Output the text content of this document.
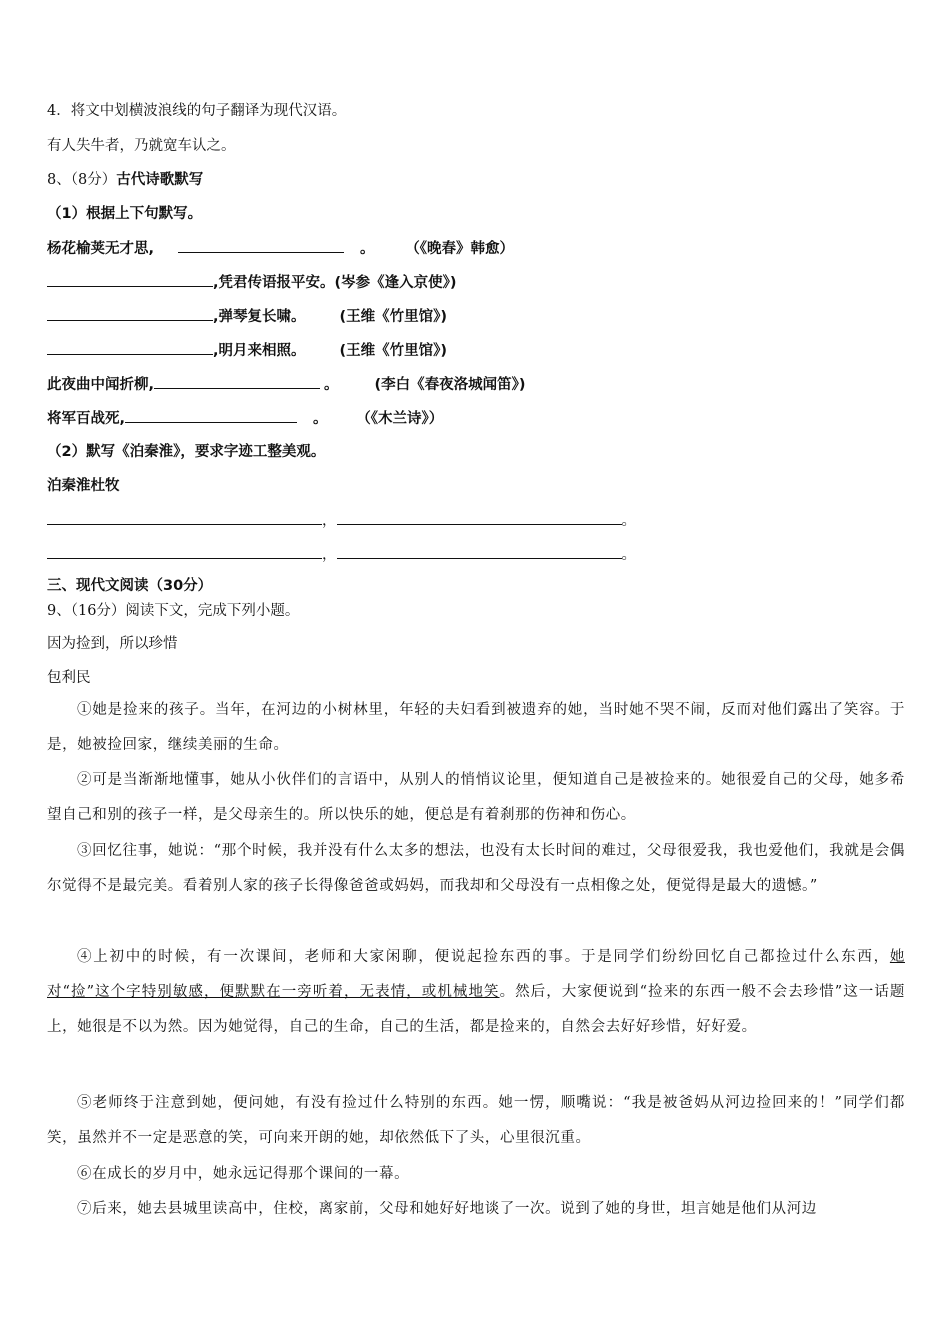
4．将文中划横波浪线的句子翻译为现代汉语。
有人失牛者，乃就宽车认之。
8、（8分）古代诗歌默写
（1）根据上下句默写。
杨花榆荚无才思,	。	（《晚春》韩愈）
,凭君传语报平安。(岑参《逢入京使》)
,弹琴复长啸。 (王维《竹里馆》)
,明月来相照。 (王维《竹里馆》)
此夜曲中闻折柳,	。 (李白《春夜洛城闻笛》)
将军百战死,	。 （《木兰诗》）
（2）默写《泊秦淮》，要求字迹工整美观。
泊秦淮杜牧
，	。
，	。
三、现代文阅读（30分）
9、（16分）阅读下文，完成下列小题。
因为捡到，所以珍惜
包利民
①她是捡来的孩子。当年，在河边的小树林里，年轻的夫妇看到被遗弃的她，当时她不哭不闹，反而对他们露出了笑容。于是，她被捡回家，继续美丽的生命。
②可是当渐渐地懂事，她从小伙伴们的言语中，从别人的悄悄议论里，便知道自己是被捡来的。她很爱自己的父母，她多希望自己和别的孩子一样，是父母亲生的。所以快乐的她，便总是有着刹那的伤神和伤心。
③回忆往事，她说：“那个时候，我并没有什么太多的想法，也没有太长时间的难过，父母很爱我，我也爱他们，我就是会偶尔觉得不是最完美。看着别人家的孩子长得像爸爸或妈妈，而我却和父母没有一点相像之处，便觉得是最大的遗憾。”
④上初中的时候，有一次课间，老师和大家闲聊，便说起捡东西的事。于是同学们纷纷回忆自己都捡过什么东西，她对“捡”这个字特别敏感，便默默在一旁听着，无表情，或机械地笑。然后，大家便说到“捡来的东西一般不会去珍惜”这一话题上，她很是不以为然。因为她觉得，自己的生命，自己的生活，都是捡来的，自然会去好好珍惜，好好爱。
⑤老师终于注意到她，便问她，有没有捡过什么特别的东西。她一愣，顺嘴说：“我是被爸妈从河边捡回来的！”同学们都笑，虽然并不一定是恶意的笑，可向来开朗的她，却依然低下了头，心里很沉重。
⑥在成长的岁月中，她永远记得那个课间的一幕。
⑦后来，她去县城里读高中，住校，离家前，父母和她好好地谈了一次。说到了她的身世，坦言她是他们从河边
